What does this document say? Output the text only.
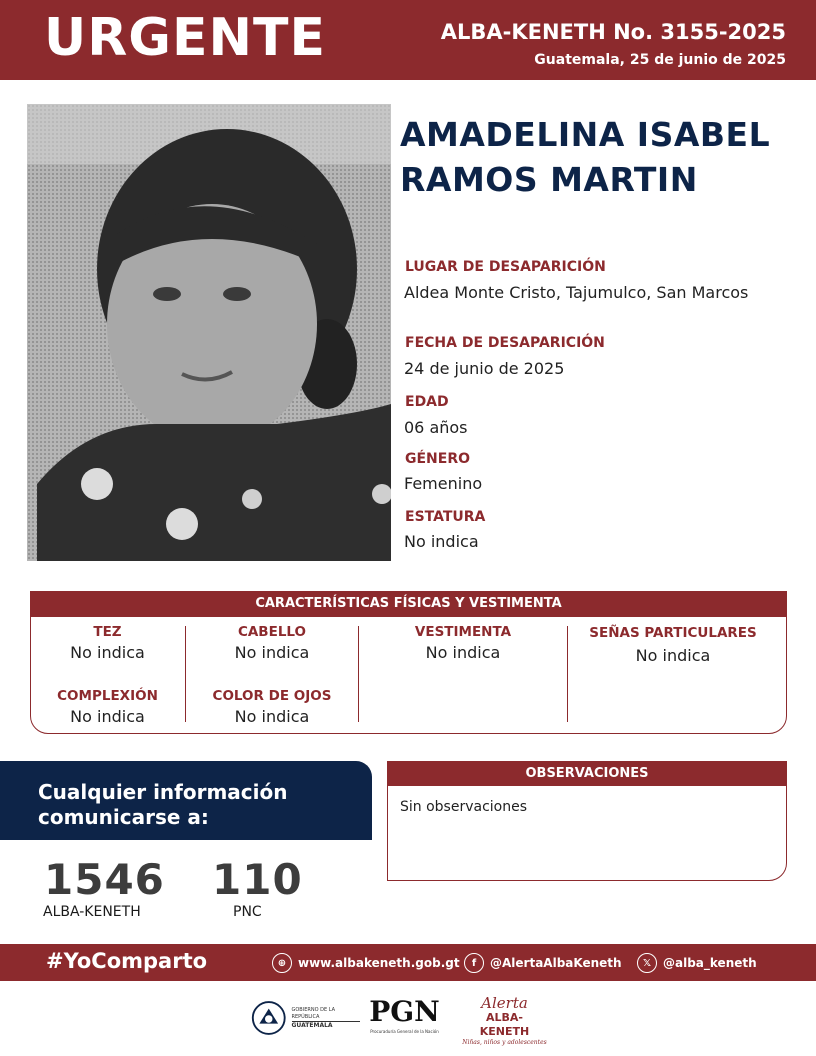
URGENTE	ALBA-KENETH No. 3155-2025
Guatemala, 25 de junio de 2025
AMADELINA ISABEL
RAMOS MARTIN
LUGAR DE DESAPARICIÓN
Aldea Monte Cristo, Tajumulco, San Marcos
FECHA DE DESAPARICIÓN
24 de junio de 2025
EDAD
06 años
GÉNERO
Femenino
ESTATURA
No indica
CARACTERÍSTICAS FÍSICAS Y VESTIMENTA
TEZ
No indica
COMPLEXIÓN
No indica
CABELLO
No indica
COLOR DE OJOS
No indica
VESTIMENTA
No indica
SEÑAS PARTICULARES
No indica
Cualquier información
comunicarse a:
1546
ALBA-KENETH
110
PNC
OBSERVACIONES
Sin observaciones
#YoComparto	⊕ www.albakeneth.gob.gt	f	@AlertaAlbaKeneth	𝕏 @alba_keneth
GOBIERNO DE LA REPÚBLICA
GUATEMALA	PGN
Procuraduría General de la Nación
Alerta
ALBA-KENETH
Niñas, niños y adolescentes
